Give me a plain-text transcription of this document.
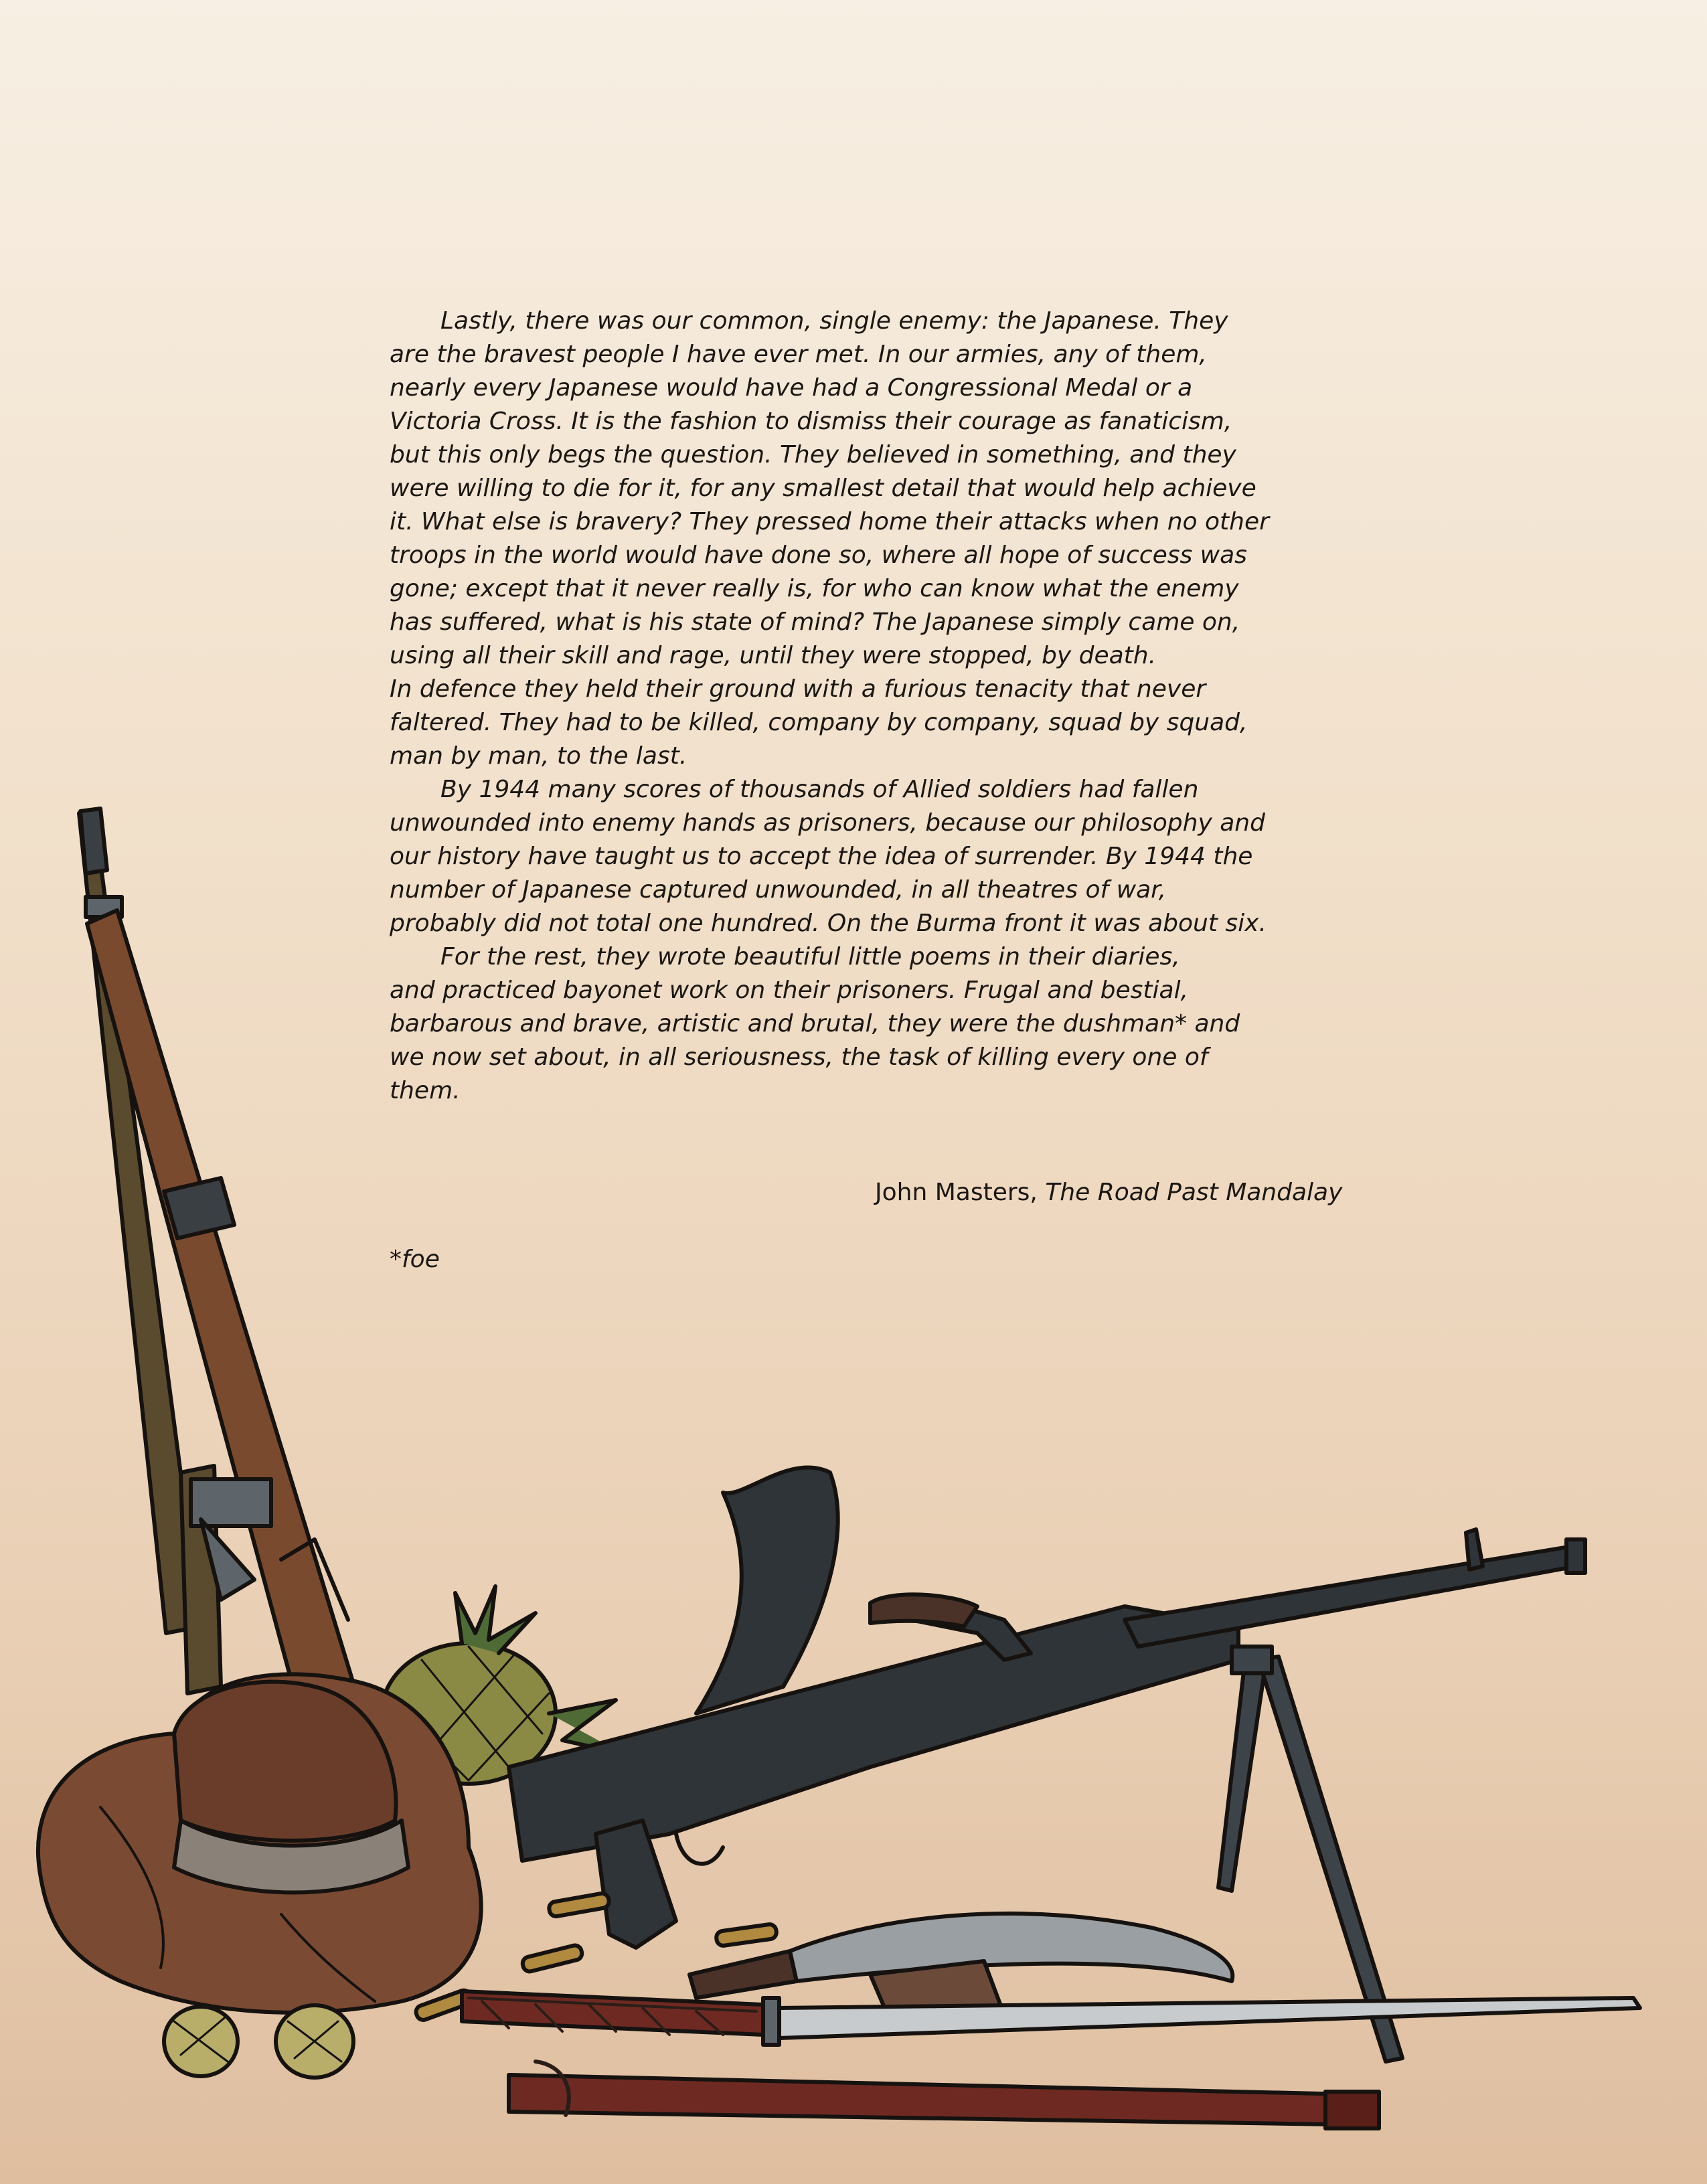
Lastly, there was our common, single enemy: the Japanese. They
are the bravest people I have ever met. In our armies, any of them,
nearly every Japanese would have had a Congressional Medal or a
Victoria Cross. It is the fashion to dismiss their courage as fanaticism,
but this only begs the question. They believed in something, and they
were willing to die for it, for any smallest detail that would help achieve
it. What else is bravery? They pressed home their attacks when no other
troops in the world would have done so, where all hope of success was
gone; except that it never really is, for who can know what the enemy
has suffered, what is his state of mind? The Japanese simply came on,
using all their skill and rage, until they were stopped, by death.

In defence they held their ground with a furious tenacity that never
faltered. They had to be killed, company by company, squad by squad,
man by man, to the last.

By 1944 many scores of thousands of Allied soldiers had fallen
unwounded into enemy hands as prisoners, because our philosophy and
our history have taught us to accept the idea of surrender. By 1944 the
number of Japanese captured unwounded, in all theatres of war,
probably did not total one hundred. On the Burma front it was about six.

For the rest, they wrote beautiful little poems in their diaries,
and practiced bayonet work on their prisoners. Frugal and bestial,
barbarous and brave, artistic and brutal, they were the dushman* and
we now set about, in all seriousness, the task of killing every one of
them.

John Masters, The Road Past Mandalay
*foe
